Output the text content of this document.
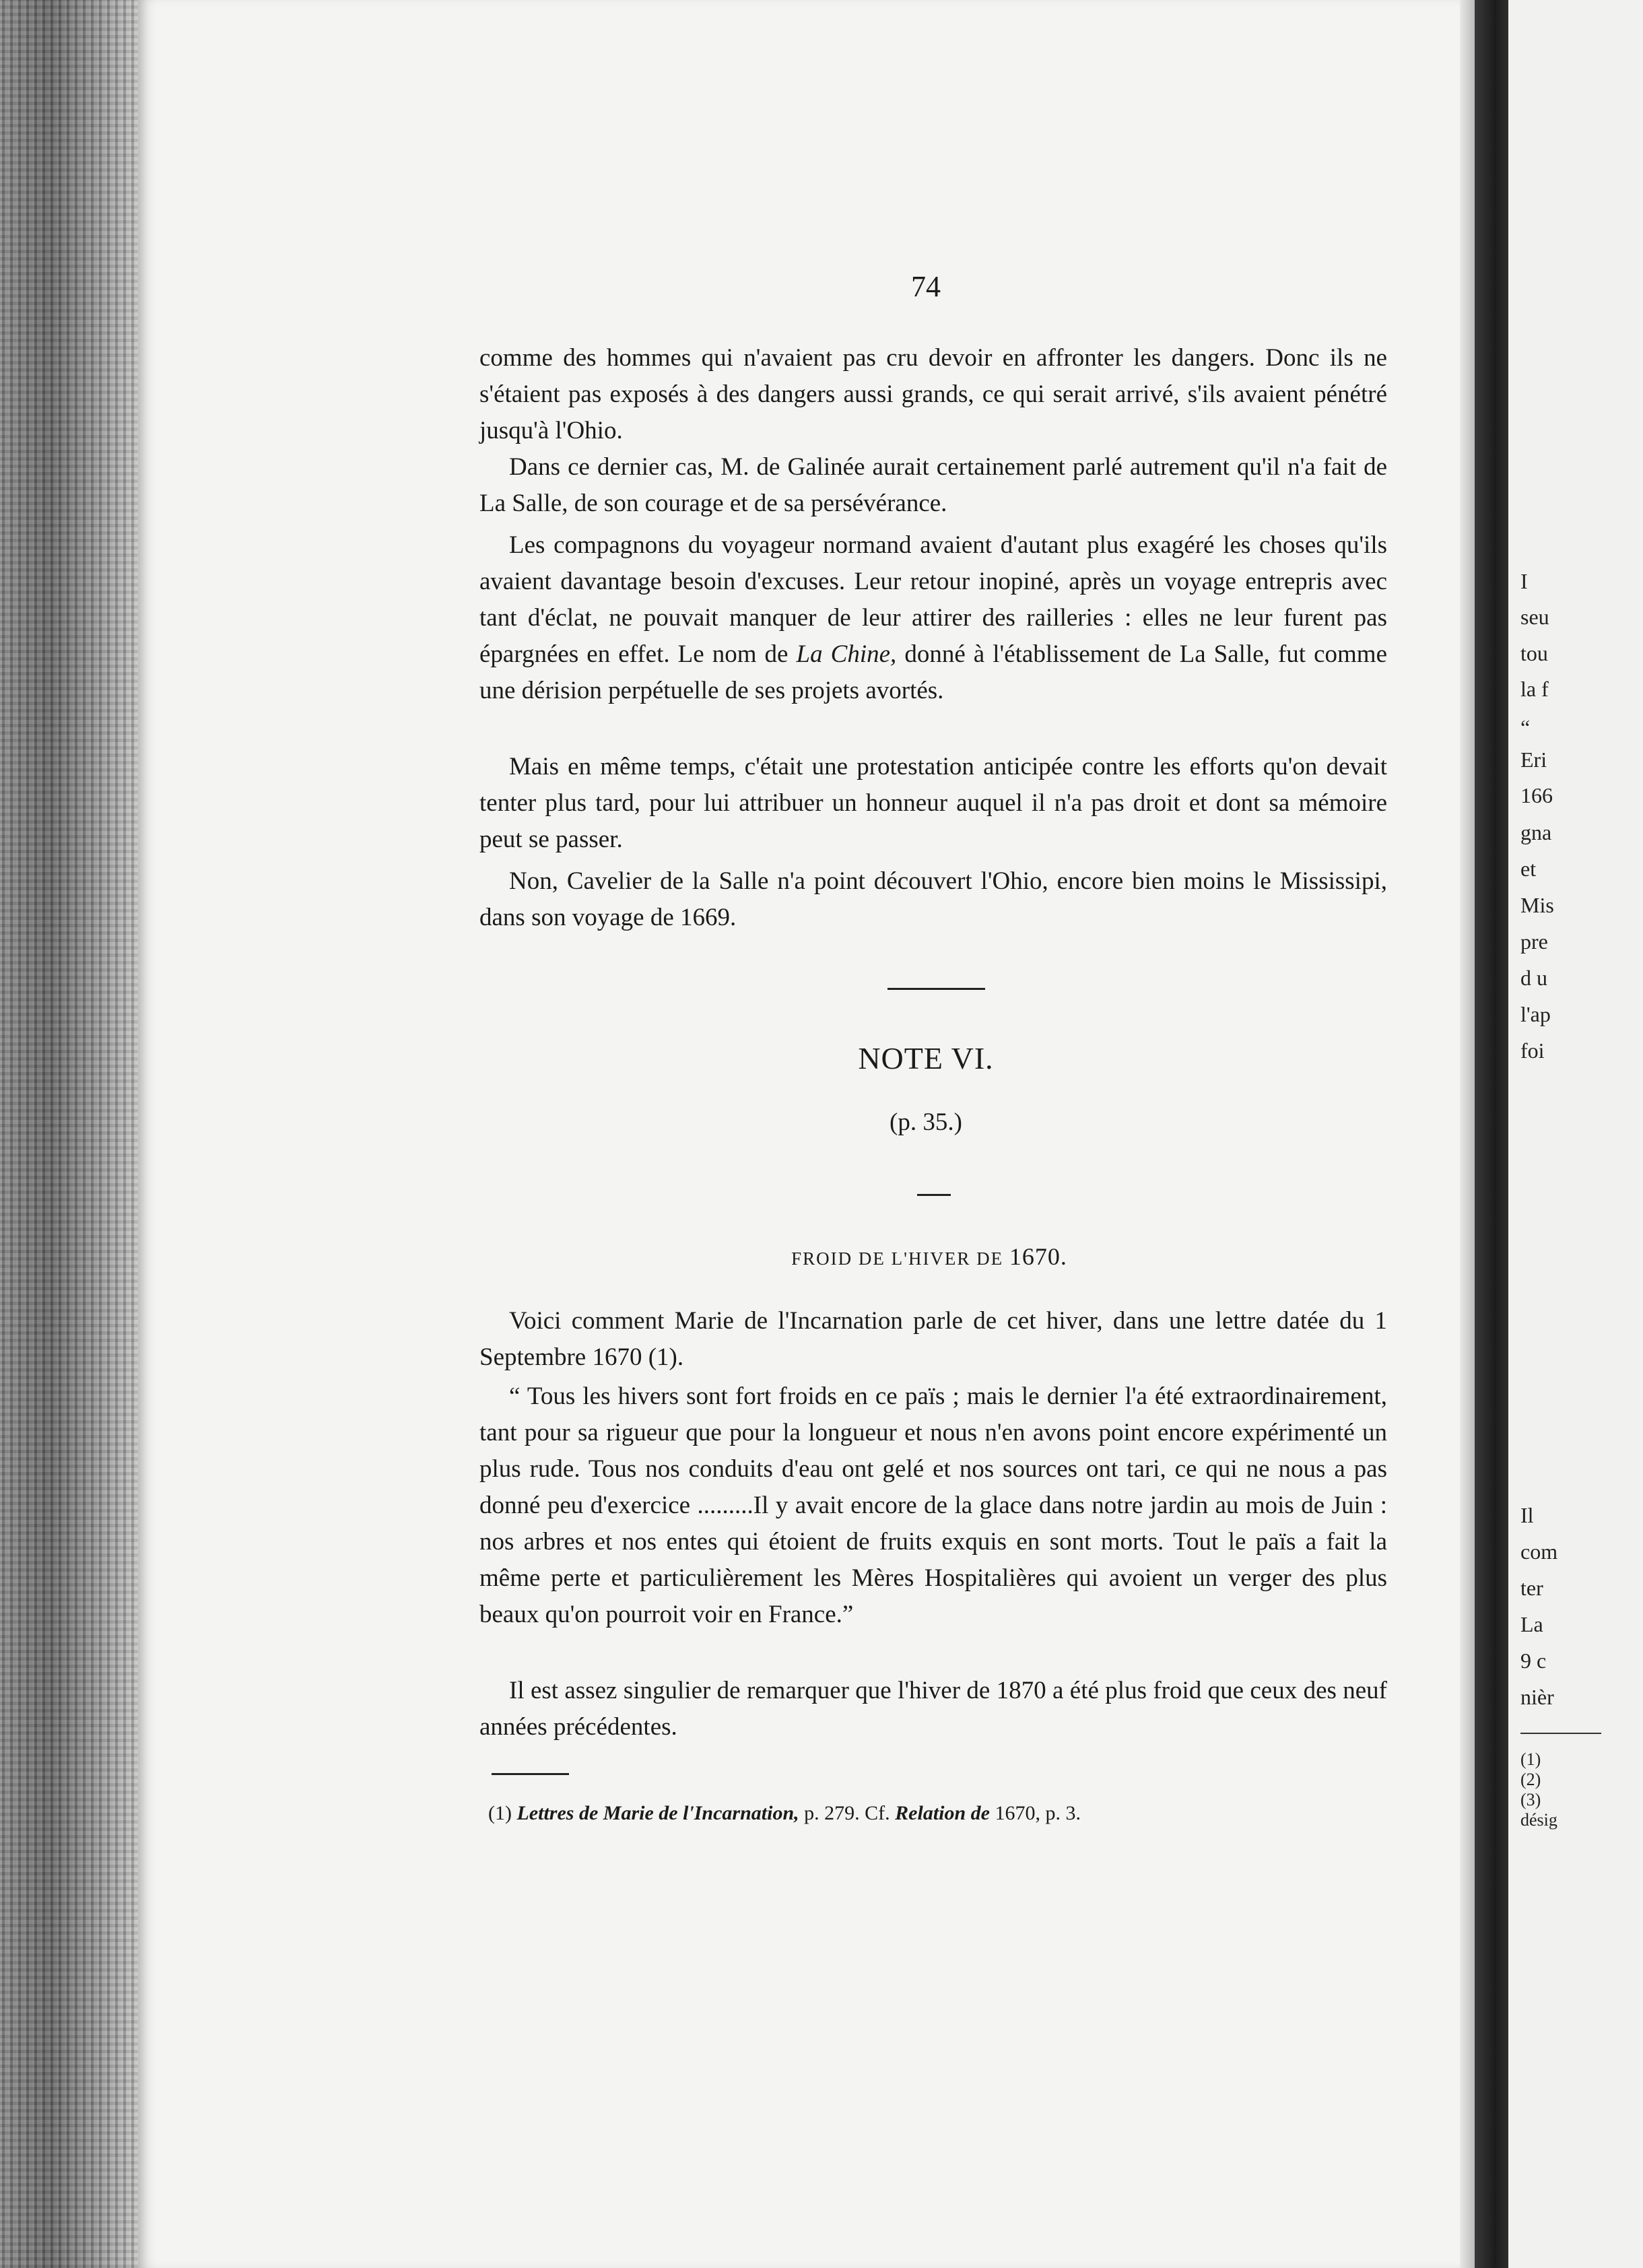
74

comme des hommes qui n'avaient pas cru devoir en affronter les dangers. Donc ils ne s'étaient pas exposés à des dangers aussi grands, ce qui serait arrivé, s'ils avaient pénétré jusqu'à l'Ohio.

Dans ce dernier cas, M. de Galinée aurait certainement parlé autrement qu'il n'a fait de La Salle, de son courage et de sa persévérance.

Les compagnons du voyageur normand avaient d'autant plus exagéré les choses qu'ils avaient davantage besoin d'excuses. Leur retour inopiné, après un voyage entrepris avec tant d'éclat, ne pouvait manquer de leur attirer des railleries : elles ne leur furent pas épargnées en effet. Le nom de La Chine, donné à l'établissement de La Salle, fut comme une dérision perpétuelle de ses projets avortés.

Mais en même temps, c'était une protestation anticipée contre les efforts qu'on devait tenter plus tard, pour lui attribuer un honneur auquel il n'a pas droit et dont sa mémoire peut se passer.

Non, Cavelier de la Salle n'a point découvert l'Ohio, encore bien moins le Mississipi, dans son voyage de 1669.

NOTE VI.
(p. 35.)
FROID DE L'HIVER DE 1670.

Voici comment Marie de l'Incarnation parle de cet hiver, dans une lettre datée du 1 Septembre 1670 (1).

“ Tous les hivers sont fort froids en ce païs ; mais le dernier l'a été extraordinairement, tant pour sa rigueur que pour la longueur et nous n'en avons point encore expérimenté un plus rude. Tous nos conduits d'eau ont gelé et nos sources ont tari, ce qui ne nous a pas donné peu d'exercice .........Il y avait encore de la glace dans notre jardin au mois de Juin : nos arbres et nos entes qui étoient de fruits exquis en sont morts. Tout le païs a fait la même perte et particulièrement les Mères Hospitalières qui avoient un verger des plus beaux qu'on pourroit voir en France.”

Il est assez singulier de remarquer que l'hiver de 1870 a été plus froid que ceux des neuf années précédentes.

(1) Lettres de Marie de l'Incarnation, p. 279. Cf. Relation de 1670, p. 3.
I
seu
tou
la f
“
Eri
166
gna
et
Mis
pre
d u
l'ap
foi
Il
com
ter
La
9 c
nièr
(1)
(2)
(3)
désig
